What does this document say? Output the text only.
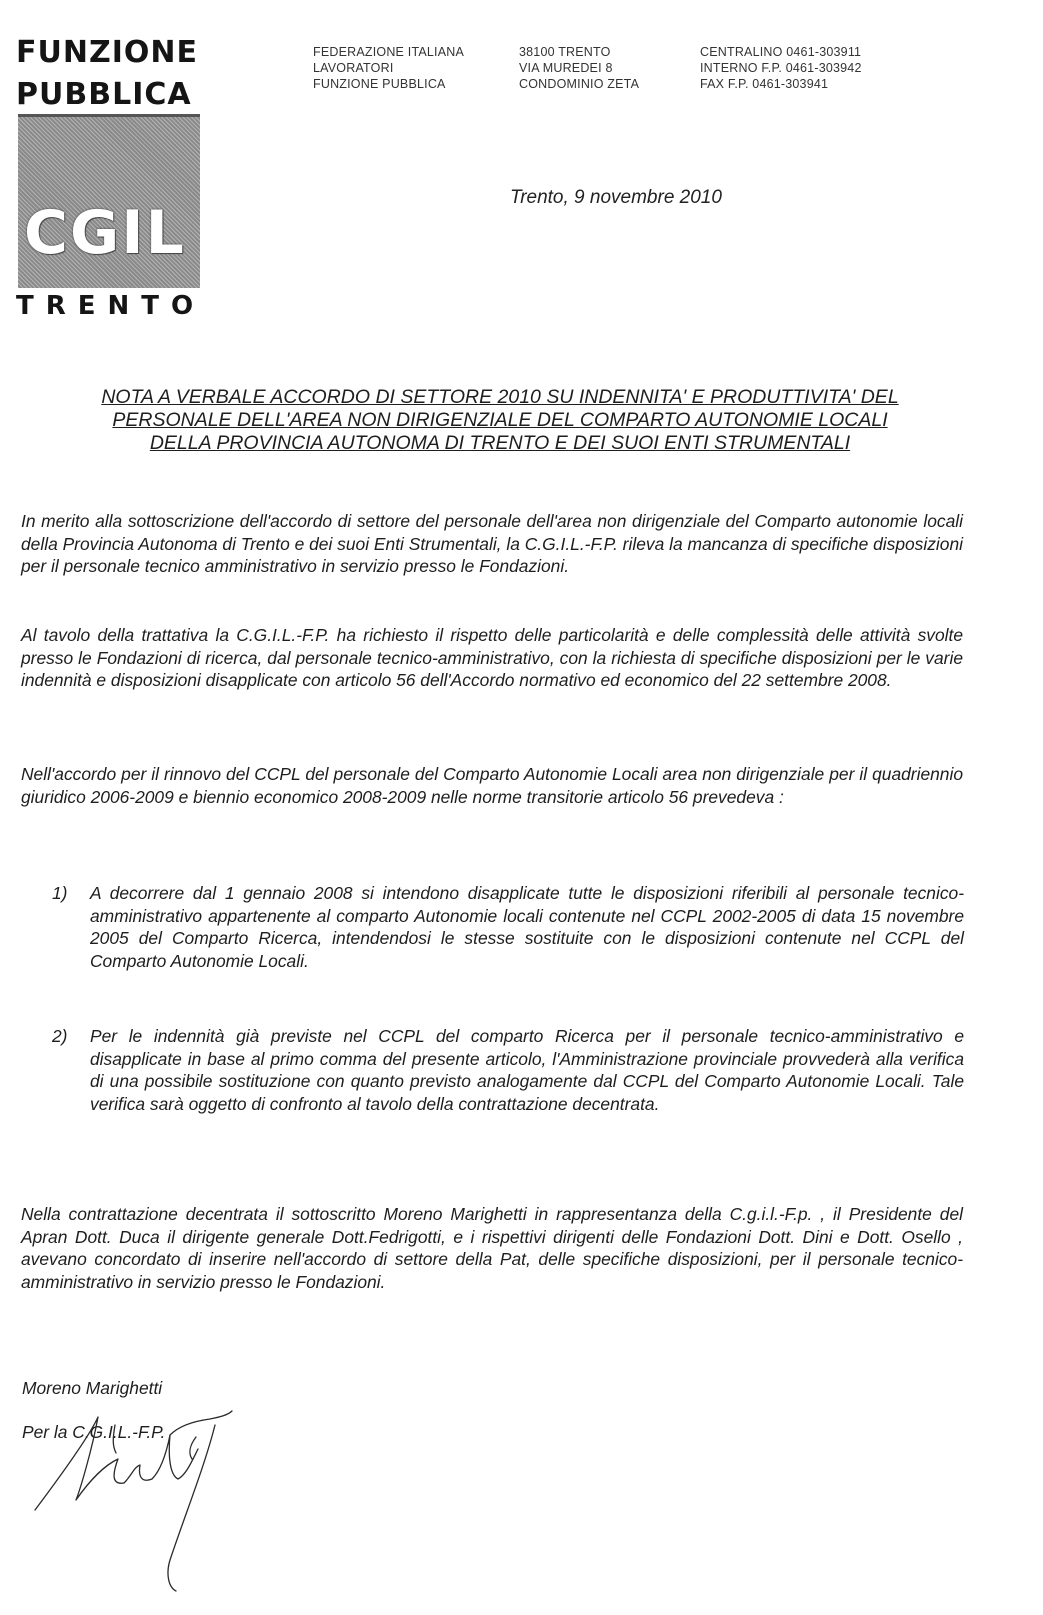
FUNZIONE
PUBBLICA
CGIL
TRENTO
FEDERAZIONE ITALIANA
LAVORATORI
FUNZIONE PUBBLICA
38100 TRENTO
VIA MUREDEI 8
CONDOMINIO ZETA
CENTRALINO 0461-303911
INTERNO F.P. 0461-303942
FAX F.P. 0461-303941
Trento, 9 novembre 2010
NOTA A VERBALE ACCORDO DI SETTORE 2010 SU INDENNITA' E PRODUTTIVITA' DEL
PERSONALE DELL'AREA NON DIRIGENZIALE DEL COMPARTO AUTONOMIE LOCALI
DELLA PROVINCIA AUTONOMA DI TRENTO E DEI SUOI ENTI STRUMENTALI
In merito alla sottoscrizione dell'accordo di settore del personale dell'area non dirigenziale del Comparto autonomie locali della Provincia Autonoma di Trento e dei suoi Enti Strumentali, la C.G.I.L.-F.P. rileva la mancanza di specifiche disposizioni per il personale tecnico amministrativo in servizio presso le Fondazioni.
Al tavolo della trattativa la C.G.I.L.-F.P. ha richiesto il rispetto delle particolarità e delle complessità delle attività svolte presso le Fondazioni di ricerca, dal personale tecnico-amministrativo, con la richiesta di specifiche disposizioni per le varie indennità e disposizioni disapplicate con articolo 56 dell'Accordo normativo ed economico del 22 settembre 2008.
Nell'accordo per il rinnovo del CCPL del personale del Comparto Autonomie Locali area non dirigenziale per il quadriennio giuridico 2006-2009 e biennio economico 2008-2009 nelle norme transitorie articolo 56 prevedeva :
1) A decorrere dal 1 gennaio 2008 si intendono disapplicate tutte le disposizioni riferibili al personale tecnico-amministrativo appartenente al comparto Autonomie locali contenute nel CCPL 2002-2005 di data 15 novembre 2005 del Comparto Ricerca, intendendosi le stesse sostituite con le disposizioni contenute nel CCPL del Comparto Autonomie Locali.
2) Per le indennità già previste nel CCPL del comparto Ricerca per il personale tecnico-amministrativo e disapplicate in base al primo comma del presente articolo, l'Amministrazione provinciale provvederà alla verifica di una possibile sostituzione con quanto previsto analogamente dal CCPL del Comparto Autonomie Locali. Tale verifica sarà oggetto di confronto al tavolo della contrattazione decentrata.
Nella contrattazione decentrata il sottoscritto Moreno Marighetti in rappresentanza della C.g.i.l.-F.p. , il Presidente del Apran Dott. Duca il dirigente generale Dott.Fedrigotti, e i rispettivi dirigenti delle Fondazioni Dott. Dini e Dott. Osello , avevano concordato di inserire nell'accordo di settore della Pat, delle specifiche disposizioni, per il personale tecnico-amministrativo in servizio presso le Fondazioni.
Moreno Marighetti
Per la C.G.I.L.-F.P.
